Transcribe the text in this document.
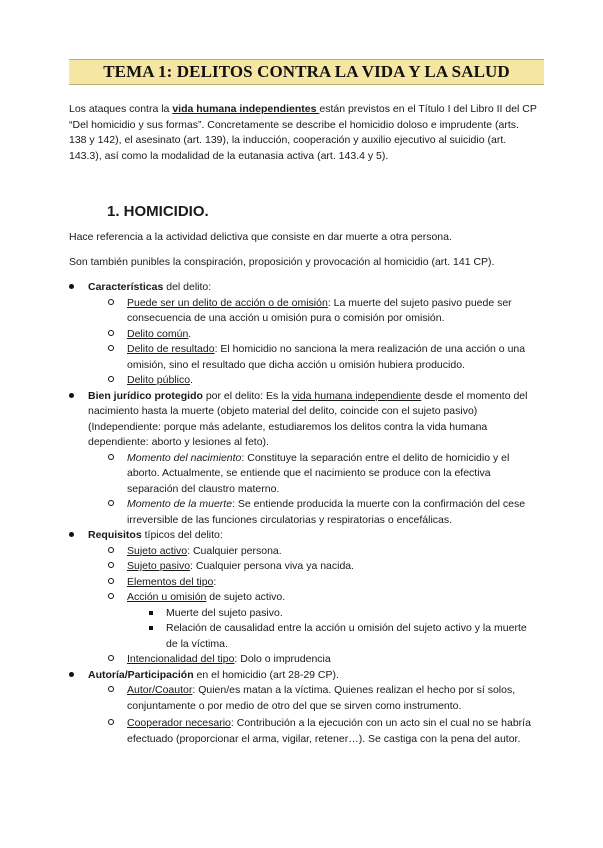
TEMA 1: DELITOS CONTRA LA VIDA Y LA SALUD

Los ataques contra la vida humana independientes están previstos en el Título I del Libro II del CP “Del homicidio y sus formas”. Concretamente se describe el homicidio doloso e imprudente (arts. 138 y 142), el asesinato (art. 139), la inducción, cooperación y auxilio ejecutivo al suicidio (art. 143.3), así como la modalidad de la eutanasia activa (art. 143.4 y 5).

1. HOMICIDIO.

Hace referencia a la actividad delictiva que consiste en dar muerte a otra persona.

Son también punibles la conspiración, proposición y provocación al homicidio (art. 141 CP).

Características del delito:
Puede ser un delito de acción o de omisión: La muerte del sujeto pasivo puede ser consecuencia de una acción u omisión pura o comisión por omisión.
Delito común.
Delito de resultado: El homicidio no sanciona la mera realización de una acción o una omisión, sino el resultado que dicha acción u omisión hubiera producido.
Delito público.
Bien jurídico protegido por el delito: Es la vida humana independiente desde el momento del nacimiento hasta la muerte (objeto material del delito, coincide con el sujeto pasivo) (Independiente: porque más adelante, estudiaremos los delitos contra la vida humana dependiente: aborto y lesiones al feto).
Momento del nacimiento: Constituye la separación entre el delito de homicidio y el aborto. Actualmente, se entiende que el nacimiento se produce con la efectiva separación del claustro materno.
Momento de la muerte: Se entiende producida la muerte con la confirmación del cese irreversible de las funciones circulatorias y respiratorias o encefálicas.
Requisitos típicos del delito:
Sujeto activo: Cualquier persona.
Sujeto pasivo: Cualquier persona viva ya nacida.
Elementos del tipo:
Acción u omisión de sujeto activo.
Muerte del sujeto pasivo.
Relación de causalidad entre la acción u omisión del sujeto activo y la muerte de la víctima.
Intencionalidad del tipo: Dolo o imprudencia
Autoría/Participación en el homicidio (art 28-29 CP).
Autor/Coautor: Quien/es matan a la víctima. Quienes realizan el hecho por sí solos, conjuntamente o por medio de otro del que se sirven como instrumento.
Cooperador necesario: Contribución a la ejecución con un acto sin el cual no se habría efectuado (proporcionar el arma, vigilar, retener…). Se castiga con la pena del autor.
